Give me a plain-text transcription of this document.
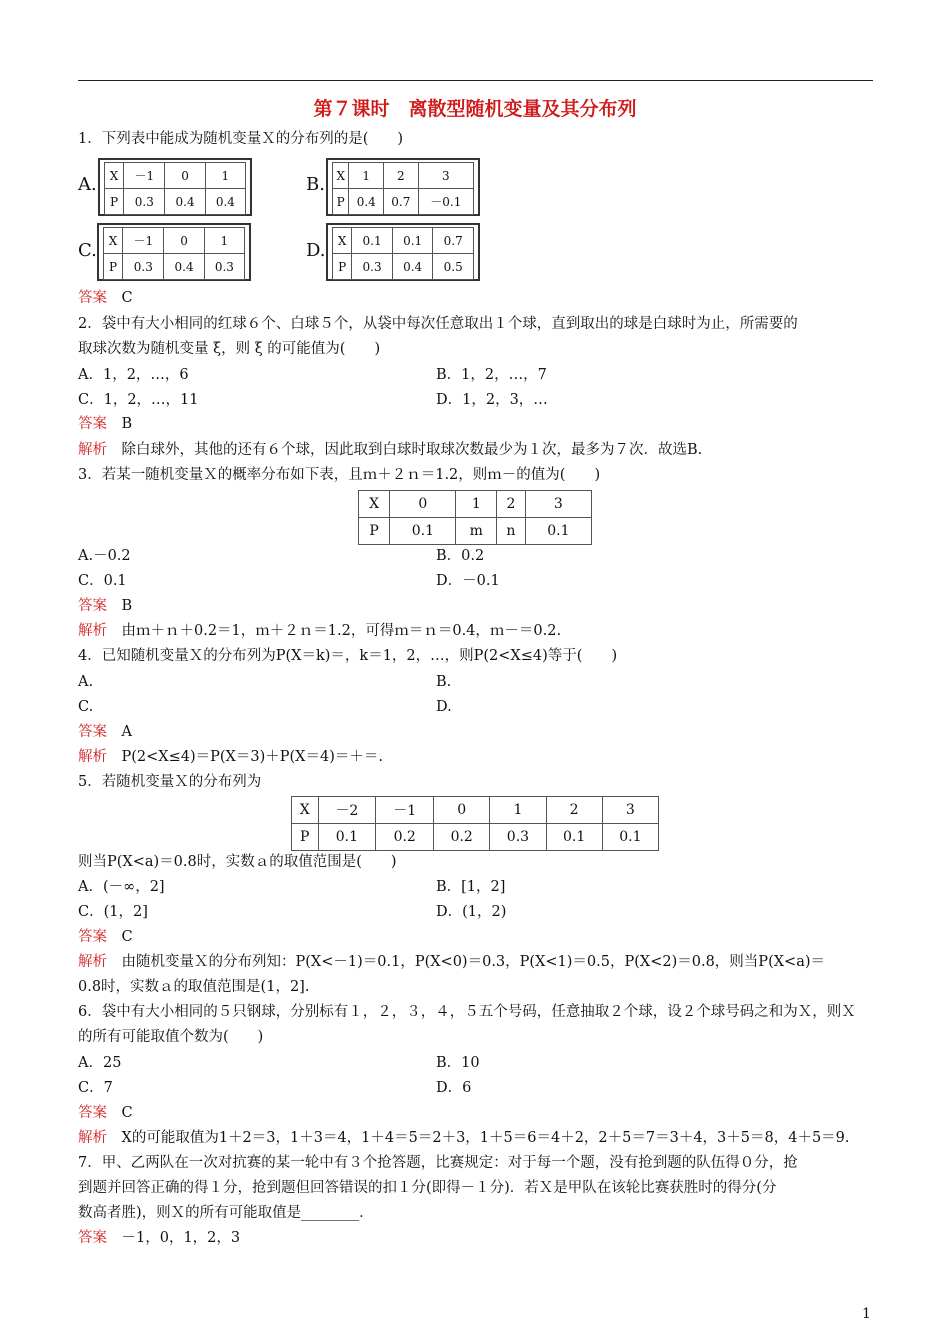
第７课时　离散型随机变量及其分布列
1．下列表中能成为随机变量Ｘ的分布列的是(　　)
A. X	－1	0	1
P	0.3	0.4	0.4
B. X	1	2	3
P	0.4	0.7	－0.1
C. X	－1	0	1
P	0.3	0.4	0.3
D. X	0.1	0.1	0.7
P	0.3	0.4	0.5
答案　 C
2．袋中有大小相同的红球６个、白球５个，从袋中每次任意取出１个球，直到取出的球是白球时为止，所需要的
取球次数为随机变量 ξ，则 ξ 的可能值为(　　)
A．1，2，…，6	B．1，2，…，7
C．1，2，…，11	D．1，2，3，…
答案　 B
解析　 除白球外，其他的还有６个球，因此取到白球时取球次数最少为１次，最多为７次．故选B.
3．若某一随机变量Ｘ的概率分布如下表，且ｍ＋２ｎ＝1.2，则ｍ－的值为(　　)
X	0	1	2	3
P	0.1	m	n	0.1
A.－0.2	B．0.2
C．0.1	D．－0.1
答案　 B
解析　 由ｍ＋ｎ＋0.2＝1，ｍ＋２ｎ＝1.2，可得ｍ＝ｎ＝0.4，ｍ－＝0.2.
4．已知随机变量Ｘ的分布列为P(X＝k)＝，k＝1，2，…，则P(2<X≤4)等于(　　)
A.	B.
C.	D.
答案　 A
解析　 P(2<X≤4)＝P(X＝3)＋P(X＝4)＝＋＝.
5．若随机变量Ｘ的分布列为
X	－2	－1	0	1	2	3
P	0.1	0.2	0.2	0.3	0.1	0.1
则当P(X<a)＝0.8时，实数ａ的取值范围是(　　)
A．(－∞，2]	B．[1，2]
C．(1，2]	D．(1，2)
答案　 C
解析　 由随机变量Ｘ的分布列知：P(X<－1)＝0.1，P(X<0)＝0.3，P(X<1)＝0.5，P(X<2)＝0.8，则当P(X<a)＝
0.8时，实数ａ的取值范围是(1，2].
6．袋中有大小相同的５只钢球，分别标有１，２，３，４，５五个号码，任意抽取２个球，设２个球号码之和为Ｘ，则Ｘ
的所有可能取值个数为(　　)
A．25	B．10
C．7	D．6
答案　 C
解析　 X的可能取值为1＋2＝3，1＋3＝4，1＋4＝5＝2＋3，1＋5＝6＝4＋2，2＋5＝7＝3＋4，3＋5＝8，4＋5＝9.
7．甲、乙两队在一次对抗赛的某一轮中有３个抢答题，比赛规定：对于每一个题，没有抢到题的队伍得０分，抢
到题并回答正确的得１分，抢到题但回答错误的扣１分(即得－１分)．若Ｘ是甲队在该轮比赛获胜时的得分(分
数高者胜)，则Ｘ的所有可能取值是________．
答案　 －1，0，1，2，3
1
